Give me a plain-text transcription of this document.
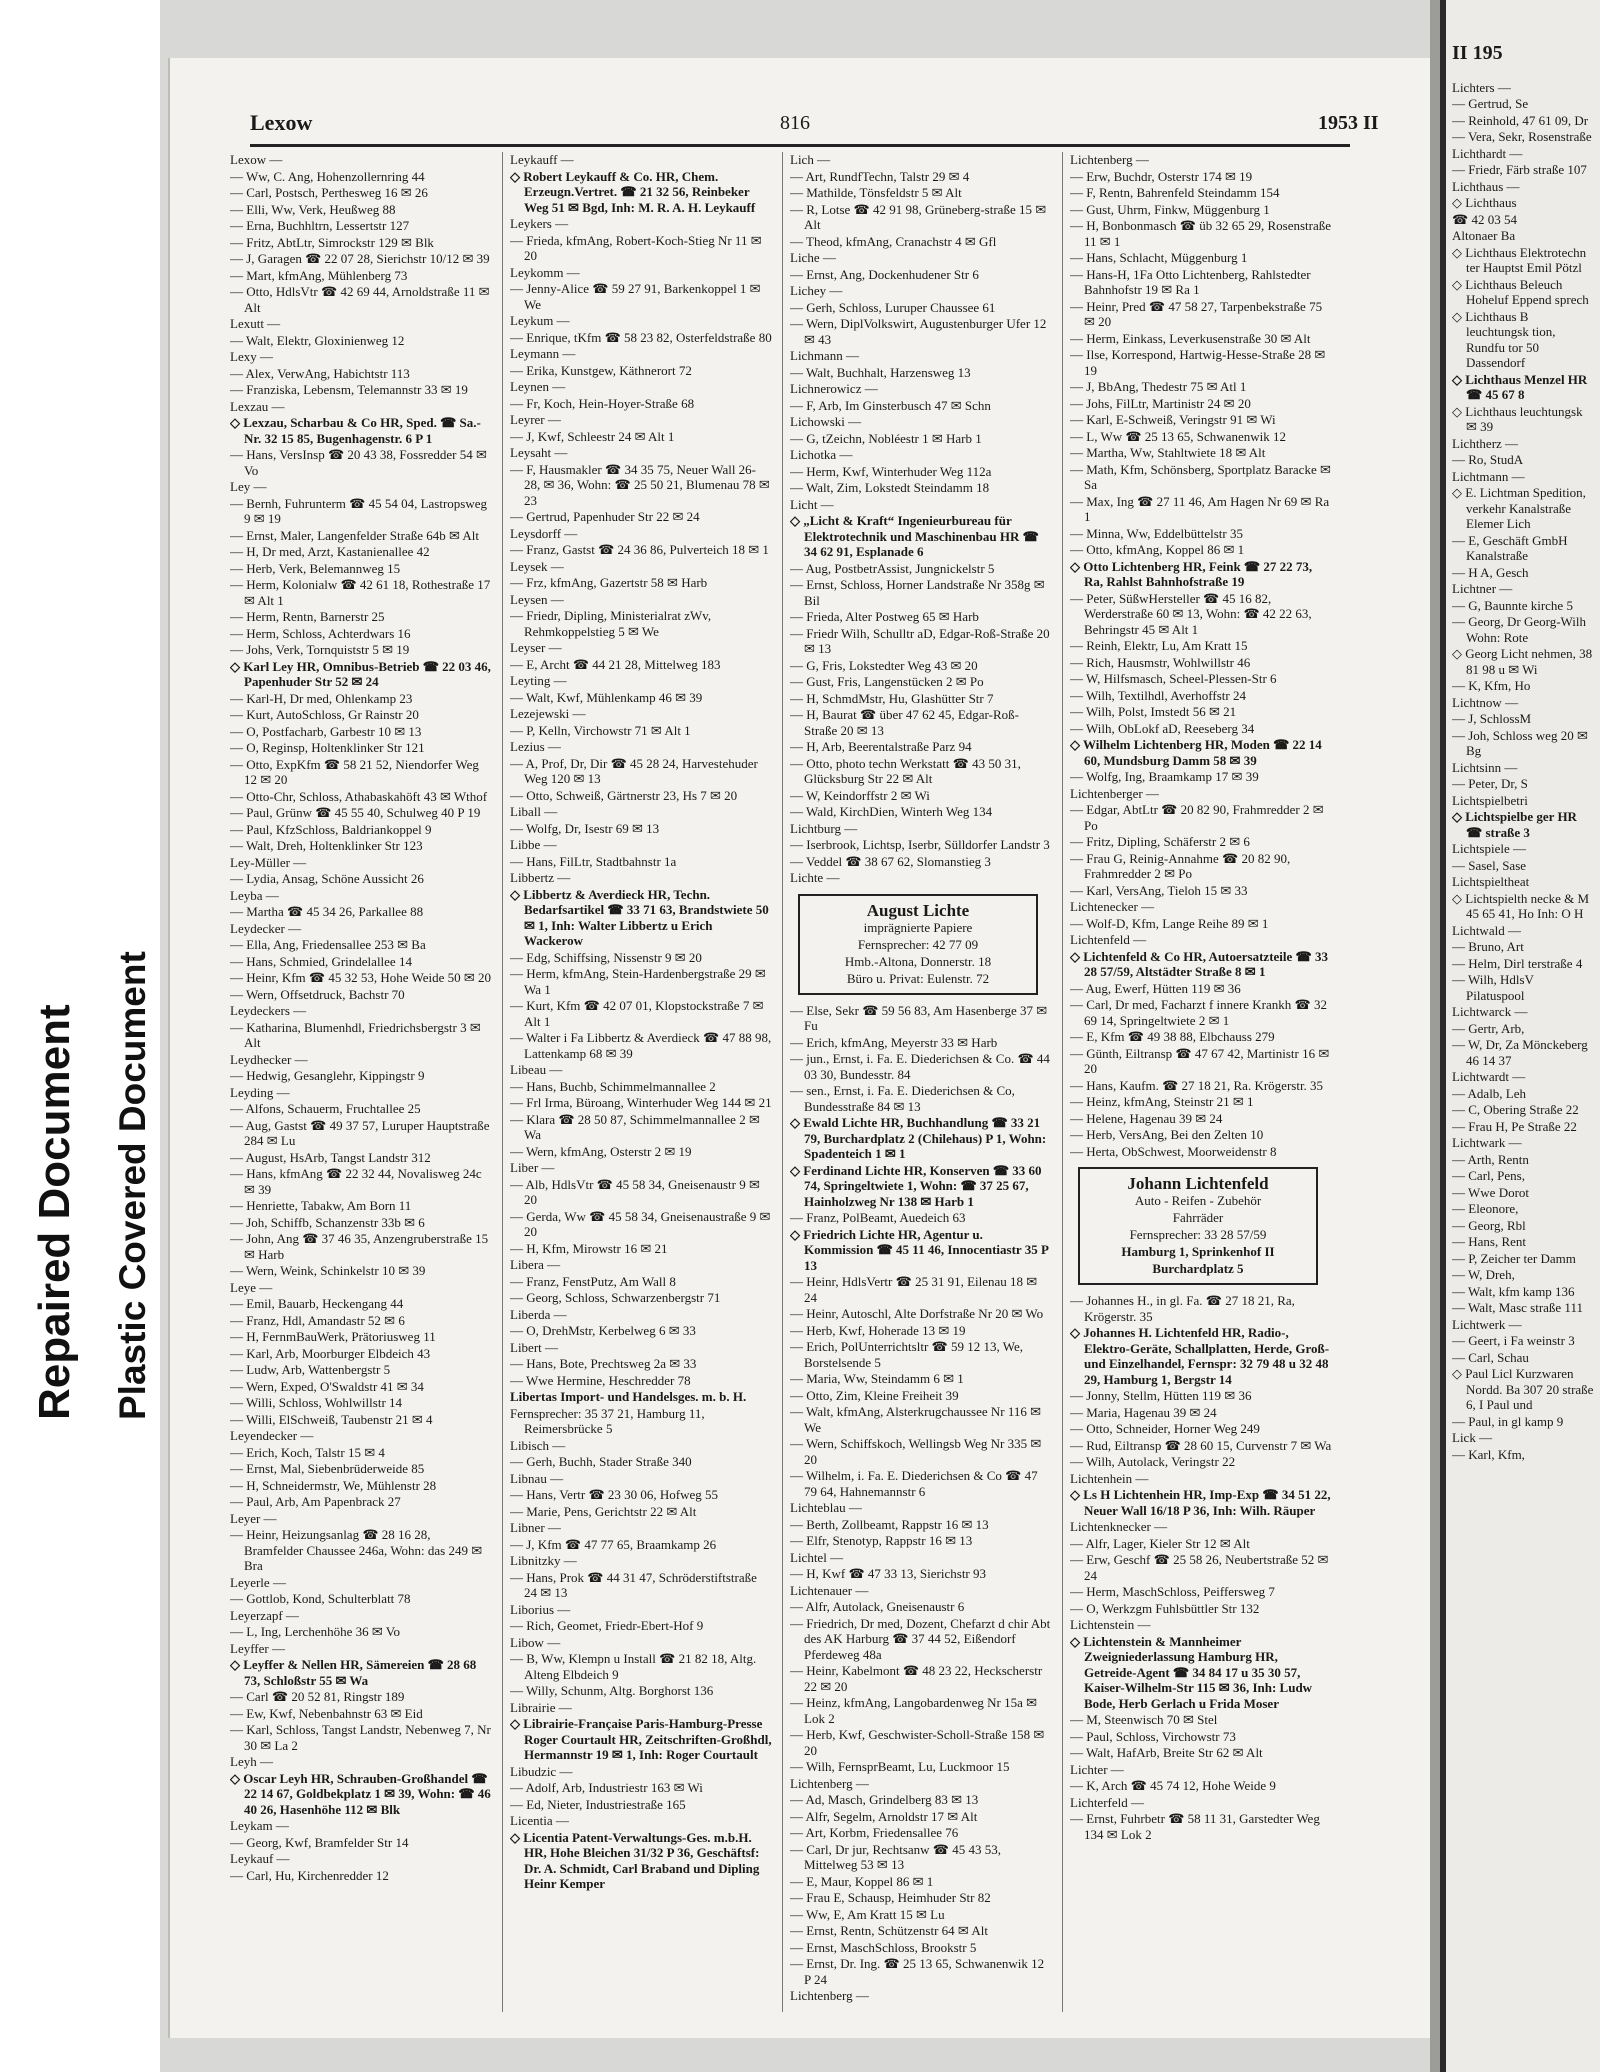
Repaired Document Plastic Covered Document
Lexow	816	1953 II
Lexow —
— Ww, C. Ang, Hohenzollernring 44
— Carl, Postsch, Perthesweg 16 ✉ 26
— Elli, Ww, Verk, Heußweg 88
— Erna, Buchhltrn, Lessertstr 127
— Fritz, AbtLtr, Simrockstr 129 ✉ Blk
— J, Garagen ☎ 22 07 28, Sierichstr 10/12 ✉ 39
— Mart, kfmAng, Mühlenberg 73
— Otto, HdlsVtr ☎ 42 69 44, Arnoldstraße 11 ✉ Alt
Lexutt —
— Walt, Elektr, Gloxinienweg 12
Lexy —
— Alex, VerwAng, Habichtstr 113
— Franziska, Lebensm, Telemannstr 33 ✉ 19
Lexzau —
◇ Lexzau, Scharbau & Co HR, Sped. ☎ Sa.-Nr. 32 15 85, Bugenhagenstr. 6 P 1
— Hans, VersInsp ☎ 20 43 38, Fossredder 54 ✉ Vo
Ley —
— Bernh, Fuhrunterm ☎ 45 54 04, Lastropsweg 9 ✉ 19
— Ernst, Maler, Langenfelder Straße 64b ✉ Alt
— H, Dr med, Arzt, Kastanienallee 42
— Herb, Verk, Belemannweg 15
— Herm, Kolonialw ☎ 42 61 18, Rothestraße 17 ✉ Alt 1
— Herm, Rentn, Barnerstr 25
— Herm, Schloss, Achterdwars 16
— Johs, Verk, Tornquiststr 5 ✉ 19
◇ Karl Ley HR, Omnibus-Betrieb ☎ 22 03 46, Papenhuder Str 52 ✉ 24
— Karl-H, Dr med, Ohlenkamp 23
— Kurt, AutoSchloss, Gr Rainstr 20
— O, Postfacharb, Garbestr 10 ✉ 13
— O, Reginsp, Holtenklinker Str 121
— Otto, ExpKfm ☎ 58 21 52, Niendorfer Weg 12 ✉ 20
— Otto-Chr, Schloss, Athabaskahöft 43 ✉ Wthof
— Paul, Grünw ☎ 45 55 40, Schulweg 40 P 19
— Paul, KfzSchloss, Baldriankoppel 9
— Walt, Dreh, Holtenklinker Str 123
Ley-Müller —
— Lydia, Ansag, Schöne Aussicht 26
Leyba —
— Martha ☎ 45 34 26, Parkallee 88
Leydecker —
— Ella, Ang, Friedensallee 253 ✉ Ba
— Hans, Schmied, Grindelallee 14
— Heinr, Kfm ☎ 45 32 53, Hohe Weide 50 ✉ 20
— Wern, Offsetdruck, Bachstr 70
Leydeckers —
— Katharina, Blumenhdl, Friedrichsbergstr 3 ✉ Alt
Leydhecker —
— Hedwig, Gesanglehr, Kippingstr 9
Leyding —
— Alfons, Schauerm, Fruchtallee 25
— Aug, Gastst ☎ 49 37 57, Luruper Hauptstraße 284 ✉ Lu
— August, HsArb, Tangst Landstr 312
— Hans, kfmAng ☎ 22 32 44, Novalisweg 24c ✉ 39
— Henriette, Tabakw, Am Born 11
— Joh, Schiffb, Schanzenstr 33b ✉ 6
— John, Ang ☎ 37 46 35, Anzengruberstraße 15 ✉ Harb
— Wern, Weink, Schinkelstr 10 ✉ 39
Leye —
— Emil, Bauarb, Heckengang 44
— Franz, Hdl, Amandastr 52 ✉ 6
— H, FernmBauWerk, Prätoriusweg 11
— Karl, Arb, Moorburger Elbdeich 43
— Ludw, Arb, Wattenbergstr 5
— Wern, Exped, O'Swaldstr 41 ✉ 34
— Willi, Schloss, Wohlwillstr 14
— Willi, ElSchweiß, Taubenstr 21 ✉ 4
Leyendecker —
— Erich, Koch, Talstr 15 ✉ 4
— Ernst, Mal, Siebenbrüderweide 85
— H, Schneidermstr, We, Mühlenstr 28
— Paul, Arb, Am Papenbrack 27
Leyer —
— Heinr, Heizungsanlag ☎ 28 16 28, Bramfelder Chaussee 246a, Wohn: das 249 ✉ Bra
Leyerle —
— Gottlob, Kond, Schulterblatt 78
Leyerzapf —
— L, Ing, Lerchenhöhe 36 ✉ Vo
Leyffer —
◇ Leyffer & Nellen HR, Sämereien ☎ 28 68 73, Schloßstr 55 ✉ Wa
— Carl ☎ 20 52 81, Ringstr 189
— Ew, Kwf, Nebenbahnstr 63 ✉ Eid
— Karl, Schloss, Tangst Landstr, Nebenweg 7, Nr 30 ✉ La 2
Leyh —
◇ Oscar Leyh HR, Schrauben-Großhandel ☎ 22 14 67, Goldbekplatz 1 ✉ 39, Wohn: ☎ 46 40 26, Hasenhöhe 112 ✉ Blk
Leykam —
— Georg, Kwf, Bramfelder Str 14
Leykauf —
— Carl, Hu, Kirchenredder 12
Leykauff —
◇ Robert Leykauff & Co. HR, Chem. Erzeugn.Vertret. ☎ 21 32 56, Reinbeker Weg 51 ✉ Bgd, Inh: M. R. A. H. Leykauff
Leykers —
— Frieda, kfmAng, Robert-Koch-Stieg Nr 11 ✉ 20
Leykomm —
— Jenny-Alice ☎ 59 27 91, Barkenkoppel 1 ✉ We
Leykum —
— Enrique, tKfm ☎ 58 23 82, Osterfeldstraße 80
Leymann —
— Erika, Kunstgew, Käthnerort 72
Leynen —
— Fr, Koch, Hein-Hoyer-Straße 68
Leyrer —
— J, Kwf, Schleestr 24 ✉ Alt 1
Leysaht —
— F, Hausmakler ☎ 34 35 75, Neuer Wall 26-28, ✉ 36, Wohn: ☎ 25 50 21, Blumenau 78 ✉ 23
— Gertrud, Papenhuder Str 22 ✉ 24
Leysdorff —
— Franz, Gastst ☎ 24 36 86, Pulverteich 18 ✉ 1
Leysek —
— Frz, kfmAng, Gazertstr 58 ✉ Harb
Leysen —
— Friedr, Dipling, Ministerialrat zWv, Rehmkoppelstieg 5 ✉ We
Leyser —
— E, Archt ☎ 44 21 28, Mittelweg 183
Leyting —
— Walt, Kwf, Mühlenkamp 46 ✉ 39
Lezejewski —
— P, Kelln, Virchowstr 71 ✉ Alt 1
Lezius —
— A, Prof, Dr, Dir ☎ 45 28 24, Harvestehuder Weg 120 ✉ 13
— Otto, Schweiß, Gärtnerstr 23, Hs 7 ✉ 20
Liball —
— Wolfg, Dr, Isestr 69 ✉ 13
Libbe —
— Hans, FilLtr, Stadtbahnstr 1a
Libbertz —
◇ Libbertz & Averdieck HR, Techn. Bedarfsartikel ☎ 33 71 63, Brandstwiete 50 ✉ 1, Inh: Walter Libbertz u Erich Wackerow
— Edg, Schiffsing, Nissenstr 9 ✉ 20
— Herm, kfmAng, Stein-Hardenbergstraße 29 ✉ Wa 1
— Kurt, Kfm ☎ 42 07 01, Klopstockstraße 7 ✉ Alt 1
— Walter i Fa Libbertz & Averdieck ☎ 47 88 98, Lattenkamp 68 ✉ 39
Libeau —
— Hans, Buchb, Schimmelmannallee 2
— Frl Irma, Büroang, Winterhuder Weg 144 ✉ 21
— Klara ☎ 28 50 87, Schimmelmannallee 2 ✉ Wa
— Wern, kfmAng, Osterstr 2 ✉ 19
Liber —
— Alb, HdlsVtr ☎ 45 58 34, Gneisenaustr 9 ✉ 20
— Gerda, Ww ☎ 45 58 34, Gneisenaustraße 9 ✉ 20
— H, Kfm, Mirowstr 16 ✉ 21
Libera —
— Franz, FenstPutz, Am Wall 8
— Georg, Schloss, Schwarzenbergstr 71
Liberda —
— O, DrehMstr, Kerbelweg 6 ✉ 33
Libert —
— Hans, Bote, Prechtsweg 2a ✉ 33
— Wwe Hermine, Heschredder 78
Libertas Import- und Handelsges. m. b. H.
Fernsprecher: 35 37 21, Hamburg 11, Reimersbrücke 5
Libisch —
— Gerh, Buchh, Stader Straße 340
Libnau —
— Hans, Vertr ☎ 23 30 06, Hofweg 55
— Marie, Pens, Gerichtstr 22 ✉ Alt
Libner —
— J, Kfm ☎ 47 77 65, Braamkamp 26
Libnitzky —
— Hans, Prok ☎ 44 31 47, Schröderstiftstraße 24 ✉ 13
Liborius —
— Rich, Geomet, Friedr-Ebert-Hof 9
Libow —
— B, Ww, Klempn u Install ☎ 21 82 18, Altg. Alteng Elbdeich 9
— Willy, Schunm, Altg. Borghorst 136
Librairie —
◇ Librairie-Française Paris-Hamburg-Presse Roger Courtault HR, Zeitschriften-Großhdl, Hermannstr 19 ✉ 1, Inh: Roger Courtault
Libudzic —
— Adolf, Arb, Industriestr 163 ✉ Wi
— Ed, Nieter, Industriestraße 165
Licentia —
◇ Licentia Patent-Verwaltungs-Ges. m.b.H. HR, Hohe Bleichen 31/32 P 36, Geschäftsf: Dr. A. Schmidt, Carl Braband und Dipling Heinr Kemper
Lich —
— Art, RundfTechn, Talstr 29 ✉ 4
— Mathilde, Tönsfeldstr 5 ✉ Alt
— R, Lotse ☎ 42 91 98, Grüneberg-straße 15 ✉ Alt
— Theod, kfmAng, Cranachstr 4 ✉ Gfl
Liche —
— Ernst, Ang, Dockenhudener Str 6
Lichey —
— Gerh, Schloss, Luruper Chaussee 61
— Wern, DiplVolkswirt, Augustenburger Ufer 12 ✉ 43
Lichmann —
— Walt, Buchhalt, Harzensweg 13
Lichnerowicz —
— F, Arb, Im Ginsterbusch 47 ✉ Schn
Lichowski —
— G, tZeichn, Nobléestr 1 ✉ Harb 1
Lichotka —
— Herm, Kwf, Winterhuder Weg 112a
— Walt, Zim, Lokstedt Steindamm 18
Licht —
◇ „Licht & Kraft“ Ingenieurbureau für Elektrotechnik und Maschinenbau HR ☎ 34 62 91, Esplanade 6
— Aug, PostbetrAssist, Jungnickelstr 5
— Ernst, Schloss, Horner Landstraße Nr 358g ✉ Bil
— Frieda, Alter Postweg 65 ✉ Harb
— Friedr Wilh, Schulltr aD, Edgar-Roß-Straße 20 ✉ 13
— G, Fris, Lokstedter Weg 43 ✉ 20
— Gust, Fris, Langenstücken 2 ✉ Po
— H, SchmdMstr, Hu, Glashütter Str 7
— H, Baurat ☎ über 47 62 45, Edgar-Roß-Straße 20 ✉ 13
— H, Arb, Beerentalstraße Parz 94
— Otto, photo techn Werkstatt ☎ 43 50 31, Glücksburg Str 22 ✉ Alt
— W, Keindorffstr 2 ✉ Wi
— Wald, KirchDien, Winterh Weg 134
Lichtburg —
— Iserbrook, Lichtsp, Iserbr, Sülldorfer Landstr 3
— Veddel ☎ 38 67 62, Slomanstieg 3
Lichte —
August Lichte
imprägnierte Papiere
Fernsprecher: 42 77 09
Hmb.-Altona, Donnerstr. 18
Büro u. Privat: Eulenstr. 72
— Else, Sekr ☎ 59 56 83, Am Hasenberge 37 ✉ Fu
— Erich, kfmAng, Meyerstr 33 ✉ Harb
— jun., Ernst, i. Fa. E. Diederichsen & Co. ☎ 44 03 30, Bundesstr. 84
— sen., Ernst, i. Fa. E. Diederichsen & Co, Bundesstraße 84 ✉ 13
◇ Ewald Lichte HR, Buchhandlung ☎ 33 21 79, Burchardplatz 2 (Chilehaus) P 1, Wohn: Spadenteich 1 ✉ 1
◇ Ferdinand Lichte HR, Konserven ☎ 33 60 74, Springeltwiete 1, Wohn: ☎ 37 25 67, Hainholzweg Nr 138 ✉ Harb 1
— Franz, PolBeamt, Auedeich 63
◇ Friedrich Lichte HR, Agentur u. Kommission ☎ 45 11 46, Innocentiastr 35 P 13
— Heinr, HdlsVertr ☎ 25 31 91, Eilenau 18 ✉ 24
— Heinr, Autoschl, Alte Dorfstraße Nr 20 ✉ Wo
— Herb, Kwf, Hoherade 13 ✉ 19
— Erich, PolUnterrichtsltr ☎ 59 12 13, We, Borstelsende 5
— Maria, Ww, Steindamm 6 ✉ 1
— Otto, Zim, Kleine Freiheit 39
— Walt, kfmAng, Alsterkrugchaussee Nr 116 ✉ We
— Wern, Schiffskoch, Wellingsb Weg Nr 335 ✉ 20
— Wilhelm, i. Fa. E. Diederichsen & Co ☎ 47 79 64, Hahnemannstr 6
Lichteblau —
— Berth, Zollbeamt, Rappstr 16 ✉ 13
— Elfr, Stenotyp, Rappstr 16 ✉ 13
Lichtel —
— H, Kwf ☎ 47 33 13, Sierichstr 93
Lichtenauer —
— Alfr, Autolack, Gneisenaustr 6
— Friedrich, Dr med, Dozent, Chefarzt d chir Abt des AK Harburg ☎ 37 44 52, Eißendorf Pferdeweg 48a
— Heinr, Kabelmont ☎ 48 23 22, Heckscherstr 22 ✉ 20
— Heinz, kfmAng, Langobardenweg Nr 15a ✉ Lok 2
— Herb, Kwf, Geschwister-Scholl-Straße 158 ✉ 20
— Wilh, FernsprBeamt, Lu, Luckmoor 15
Lichtenberg —
— Ad, Masch, Grindelberg 83 ✉ 13
— Alfr, Segelm, Arnoldstr 17 ✉ Alt
— Art, Korbm, Friedensallee 76
— Carl, Dr jur, Rechtsanw ☎ 45 43 53, Mittelweg 53 ✉ 13
— E, Maur, Koppel 86 ✉ 1
— Frau E, Schausp, Heimhuder Str 82
— Ww, E, Am Kratt 15 ✉ Lu
— Ernst, Rentn, Schützenstr 64 ✉ Alt
— Ernst, MaschSchloss, Brookstr 5
— Ernst, Dr. Ing. ☎ 25 13 65, Schwanenwik 12 P 24
Lichtenberg —
Lichtenberg —
— Erw, Buchdr, Osterstr 174 ✉ 19
— F, Rentn, Bahrenfeld Steindamm 154
— Gust, Uhrm, Finkw, Müggenburg 1
— H, Bonbonmasch ☎ üb 32 65 29, Rosenstraße 11 ✉ 1
— Hans, Schlacht, Müggenburg 1
— Hans-H, 1Fa Otto Lichtenberg, Rahlstedter Bahnhofstr 19 ✉ Ra 1
— Heinr, Pred ☎ 47 58 27, Tarpenbekstraße 75 ✉ 20
— Herm, Einkass, Leverkusenstraße 30 ✉ Alt
— Ilse, Korrespond, Hartwig-Hesse-Straße 28 ✉ 19
— J, BbAng, Thedestr 75 ✉ Atl 1
— Johs, FilLtr, Martinistr 24 ✉ 20
— Karl, E-Schweiß, Veringstr 91 ✉ Wi
— L, Ww ☎ 25 13 65, Schwanenwik 12
— Martha, Ww, Stahltwiete 18 ✉ Alt
— Math, Kfm, Schönsberg, Sportplatz Baracke ✉ Sa
— Max, Ing ☎ 27 11 46, Am Hagen Nr 69 ✉ Ra 1
— Minna, Ww, Eddelbüttelstr 35
— Otto, kfmAng, Koppel 86 ✉ 1
◇ Otto Lichtenberg HR, Feink ☎ 27 22 73, Ra, Rahlst Bahnhofstraße 19
— Peter, SüßwHersteller ☎ 45 16 82, Werderstraße 60 ✉ 13, Wohn: ☎ 42 22 63, Behringstr 45 ✉ Alt 1
— Reinh, Elektr, Lu, Am Kratt 15
— Rich, Hausmstr, Wohlwillstr 46
— W, Hilfsmasch, Scheel-Plessen-Str 6
— Wilh, Textilhdl, Averhoffstr 24
— Wilh, Polst, Imstedt 56 ✉ 21
— Wilh, ObLokf aD, Reeseberg 34
◇ Wilhelm Lichtenberg HR, Moden ☎ 22 14 60, Mundsburg Damm 58 ✉ 39
— Wolfg, Ing, Braamkamp 17 ✉ 39
Lichtenberger —
— Edgar, AbtLtr ☎ 20 82 90, Frahmredder 2 ✉ Po
— Fritz, Dipling, Schäferstr 2 ✉ 6
— Frau G, Reinig-Annahme ☎ 20 82 90, Frahmredder 2 ✉ Po
— Karl, VersAng, Tieloh 15 ✉ 33
Lichtenecker —
— Wolf-D, Kfm, Lange Reihe 89 ✉ 1
Lichtenfeld —
◇ Lichtenfeld & Co HR, Autoersatzteile ☎ 33 28 57/59, Altstädter Straße 8 ✉ 1
— Aug, Ewerf, Hütten 119 ✉ 36
— Carl, Dr med, Facharzt f innere Krankh ☎ 32 69 14, Springeltwiete 2 ✉ 1
— E, Kfm ☎ 49 38 88, Elbchauss 279
— Günth, Eiltransp ☎ 47 67 42, Martinistr 16 ✉ 20
— Hans, Kaufm. ☎ 27 18 21, Ra. Krögerstr. 35
— Heinz, kfmAng, Steinstr 21 ✉ 1
— Helene, Hagenau 39 ✉ 24
— Herb, VersAng, Bei den Zelten 10
— Herta, ObSchwest, Moorweidenstr 8
Johann Lichtenfeld
Auto - Reifen - Zubehör
Fahrräder
Fernsprecher: 33 28 57/59
Hamburg 1, Sprinkenhof II
Burchardplatz 5
— Johannes H., in gl. Fa. ☎ 27 18 21, Ra, Krögerstr. 35
◇ Johannes H. Lichtenfeld HR, Radio-, Elektro-Geräte, Schallplatten, Herde, Groß- und Einzelhandel, Fernspr: 32 79 48 u 32 48 29, Hamburg 1, Bergstr 14
— Jonny, Stellm, Hütten 119 ✉ 36
— Maria, Hagenau 39 ✉ 24
— Otto, Schneider, Horner Weg 249
— Rud, Eiltransp ☎ 28 60 15, Curvenstr 7 ✉ Wa
— Wilh, Autolack, Veringstr 22
Lichtenhein —
◇ Ls H Lichtenhein HR, Imp-Exp ☎ 34 51 22, Neuer Wall 16/18 P 36, Inh: Wilh. Räuper
Lichtenknecker —
— Alfr, Lager, Kieler Str 12 ✉ Alt
— Erw, Geschf ☎ 25 58 26, Neubertstraße 52 ✉ 24
— Herm, MaschSchloss, Peiffersweg 7
— O, Werkzgm Fuhlsbüttler Str 132
Lichtenstein —
◇ Lichtenstein & Mannheimer Zweigniederlassung Hamburg HR, Getreide-Agent ☎ 34 84 17 u 35 30 57, Kaiser-Wilhelm-Str 115 ✉ 36, Inh: Ludw Bode, Herb Gerlach u Frida Moser
— M, Steenwisch 70 ✉ Stel
— Paul, Schloss, Virchowstr 73
— Walt, HafArb, Breite Str 62 ✉ Alt
Lichter —
— K, Arch ☎ 45 74 12, Hohe Weide 9
Lichterfeld —
— Ernst, Fuhrbetr ☎ 58 11 31, Garstedter Weg 134 ✉ Lok 2
II 195
Lichters —
— Gertrud, Se
— Reinhold, 47 61 09, Dr
— Vera, Sekr, Rosenstraße
Lichthardt —
— Friedr, Färb straße 107
Lichthaus —
◇ Lichthaus
☎ 42 03 54
Altonaer Ba
◇ Lichthaus Elektrotechn ter Hauptst Emil Pötzl
◇ Lichthaus Beleuch Hoheluf Eppend sprech
◇ Lichthaus B leuchtungsk tion, Rundfu tor 50 Dassendorf
◇ Lichthaus Menzel HR ☎ 45 67 8
◇ Lichthaus leuchtungsk ✉ 39
Lichtherz —
— Ro, StudA
Lichtmann —
◇ E. Lichtman Spedition, verkehr Kanalstraße Elemer Lich
— E, Geschäft GmbH Kanalstraße
— H A, Gesch
Lichtner —
— G, Baunnte kirche 5
— Georg, Dr Georg-Wilh Wohn: Rote
◇ Georg Licht nehmen, 38 81 98 u ✉ Wi
— K, Kfm, Ho
Lichtnow —
— J, SchlossM
— Joh, Schloss weg 20 ✉ Bg
Lichtsinn —
— Peter, Dr, S
Lichtspielbetri
◇ Lichtspielbe ger HR ☎ straße 3
Lichtspiele —
— Sasel, Sase
Lichtspieltheat
◇ Lichtspielth necke & M 45 65 41, Ho Inh: O H
Lichtwald —
— Bruno, Art
— Helm, Dirl terstraße 4
— Wilh, HdlsV Pilatuspool
Lichtwarck —
— Gertr, Arb,
— W, Dr, Za Mönckeberg 46 14 37
Lichtwardt —
— Adalb, Leh
— C, Obering Straße 22
— Frau H, Pe Straße 22
Lichtwark —
— Arth, Rentn
— Carl, Pens,
— Wwe Dorot
— Eleonore,
— Georg, Rbl
— Hans, Rent
— P, Zeicher ter Damm
— W, Dreh,
— Walt, kfm kamp 136
— Walt, Masc straße 111
Lichtwerk —
— Geert, i Fa weinstr 3
— Carl, Schau
◇ Paul Licl Kurzwaren Nordd. Ba 307 20 straße 6, I Paul und
— Paul, in gl kamp 9
Lick —
— Karl, Kfm,
